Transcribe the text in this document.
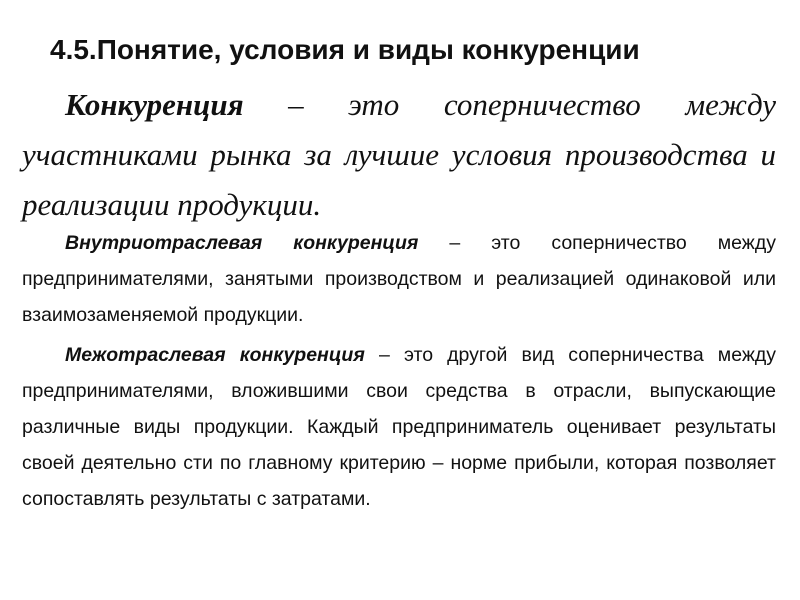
4.5.Понятие, условия и виды конкуренции

Конкуренция – это соперничество между участниками рынка за лучшие условия производства и реализации продукции.

Внутриотраслевая конкуренция – это соперничество между предпринимателями, занятыми производством и реализацией одинаковой или взаимозаменяемой продукции.

Межотраслевая конкуренция – это другой вид соперничества между предпринимателями, вложившими свои средства в отрасли, выпускающие различные виды продукции. Каждый предприниматель оценивает результаты своей деятельно сти по главному критерию – норме прибыли, которая позволяет сопоставлять результаты с затратами.
